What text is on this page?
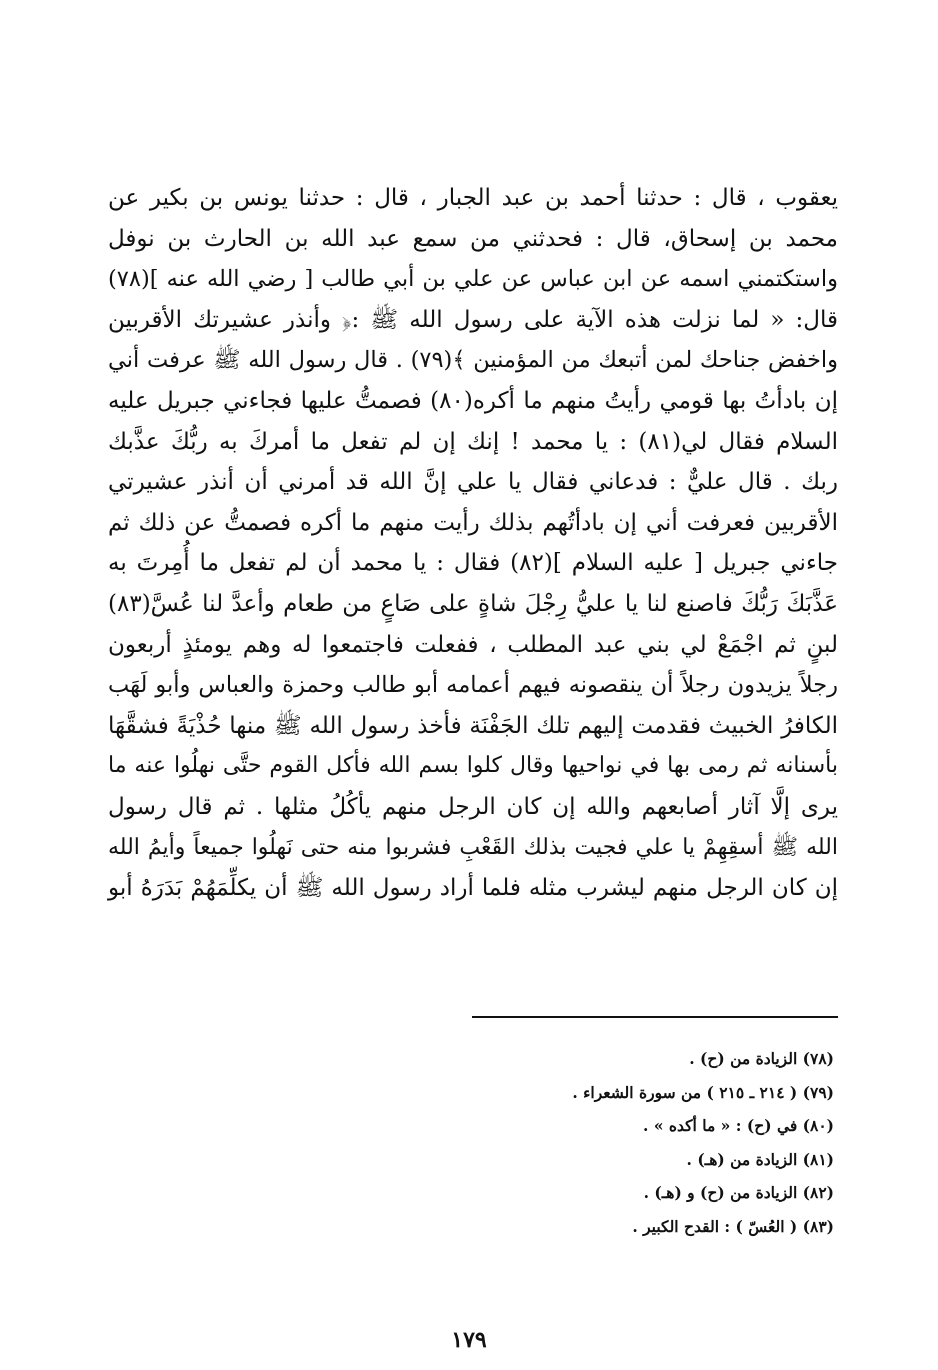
يعقوب ، قال : حدثنا أحمد بن عبد الجبار ، قال : حدثنا يونس بن بكير عن
محمد بن إسحاق، قال : فحدثني من سمع عبد الله بن الحارث بن نوفل
واستكتمني اسمه عن ابن عباس عن علي بن أبي طالب [ رضي الله عنه ](٧٨)
قال: « لما نزلت هذه الآية على رسول الله ﷺ :﴿ وأنذر عشيرتك الأقربين
واخفض جناحك لمن أتبعك من المؤمنين ﴾(٧٩) . قال رسول الله ﷺ عرفت أني
إن بادأتُ بها قومي رأيتُ منهم ما أكره(٨٠) فصمتُّ عليها فجاءني جبريل عليه
السلام فقال لي(٨١) : يا محمد ! إنك إن لم تفعل ما أمركَ به ربُّكَ عذَّبك
ربك . قال عليٌّ : فدعاني فقال يا علي إنَّ الله قد أمرني أن أنذر عشيرتي
الأقربين فعرفت أني إن بادأتُهم بذلك رأيت منهم ما أكره فصمتُّ عن ذلك ثم
جاءني جبريل [ عليه السلام ](٨٢) فقال : يا محمد أن لم تفعل ما أُمِرتَ به
عَذَّبَكَ رَبُّكَ فاصنع لنا يا عليُّ رِجْلَ شاةٍ على صَاعٍ من طعام وأعدَّ لنا عُسَّ(٨٣)
لبنٍ ثم اجْمَعْ لي بني عبد المطلب ، ففعلت فاجتمعوا له وهم يومئذٍ أربعون
رجلاً يزيدون رجلاً أن ينقصونه فيهم أعمامه أبو طالب وحمزة والعباس وأبو لَهَب
الكافرُ الخبيث فقدمت إليهم تلك الجَفْنَة فأخذ رسول الله ﷺ منها حُذْيَةً فشقَّهَا
بأسنانه ثم رمى بها في نواحيها وقال كلوا بسم الله فأكل القوم حتَّى نهلُوا عنه ما
يرى إلَّا آثار أصابعهم والله إن كان الرجل منهم يأكُلُ مثلها . ثم قال رسول
الله ﷺ أسقِهِمْ يا علي فجيت بذلك القَعْبِ فشربوا منه حتى نَهلُوا جميعاً وأيمُ الله
إن كان الرجل منهم ليشرب مثله فلما أراد رسول الله ﷺ أن يكلِّمَهُمْ بَدَرَهُ أبو
(٧٨) الزيادة من (ح) .
(٧٩) ( ٢١٤ ـ ٢١٥ ) من سورة الشعراء .
(٨٠) في (ح) : « ما أكده » .
(٨١) الزيادة من (هـ) .
(٨٢) الزيادة من (ح) و (هـ) .
(٨٣) ( العُسّ ) : القدح الكبير .
١٧٩
